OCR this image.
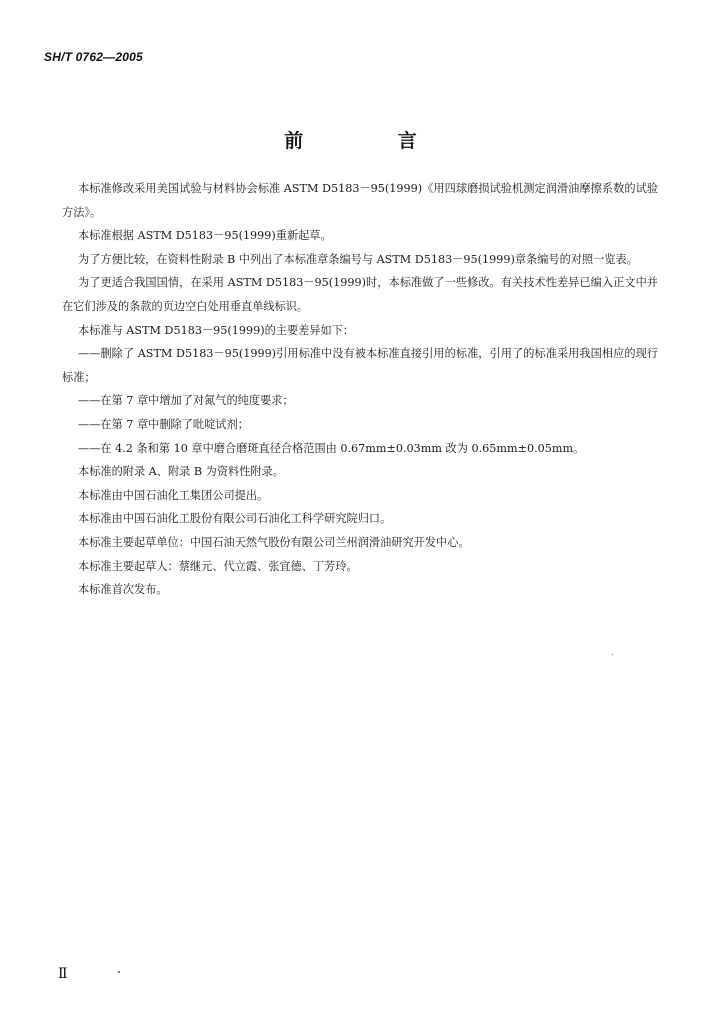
SH/T 0762—2005
前 言

本标准修改采用美国试验与材料协会标准 ASTM D5183－95(1999)《用四球磨损试验机测定润滑油摩擦系数的试验方法》。

本标准根据 ASTM D5183－95(1999)重新起草。

为了方便比较，在资料性附录 B 中列出了本标准章条编号与 ASTM D5183－95(1999)章条编号的对照一览表。

为了更适合我国国情，在采用 ASTM D5183－95(1999)时，本标准做了一些修改。有关技术性差异已编入正文中并在它们涉及的条款的页边空白处用垂直单线标识。

本标准与 ASTM D5183－95(1999)的主要差异如下：

——删除了 ASTM D5183－95(1999)引用标准中没有被本标准直接引用的标准，引用了的标准采用我国相应的现行标准；

——在第 7 章中增加了对氮气的纯度要求；

——在第 7 章中删除了吡啶试剂；

——在 4.2 条和第 10 章中磨合磨斑直径合格范围由 0.67mm±0.03mm 改为 0.65mm±0.05mm。

本标准的附录 A、附录 B 为资料性附录。

本标准由中国石油化工集团公司提出。

本标准由中国石油化工股份有限公司石油化工科学研究院归口。

本标准主要起草单位：中国石油天然气股份有限公司兰州润滑油研究开发中心。

本标准主要起草人：蔡继元、代立霞、张宜德、丁芳玲。

本标准首次发布。

Ⅱ
